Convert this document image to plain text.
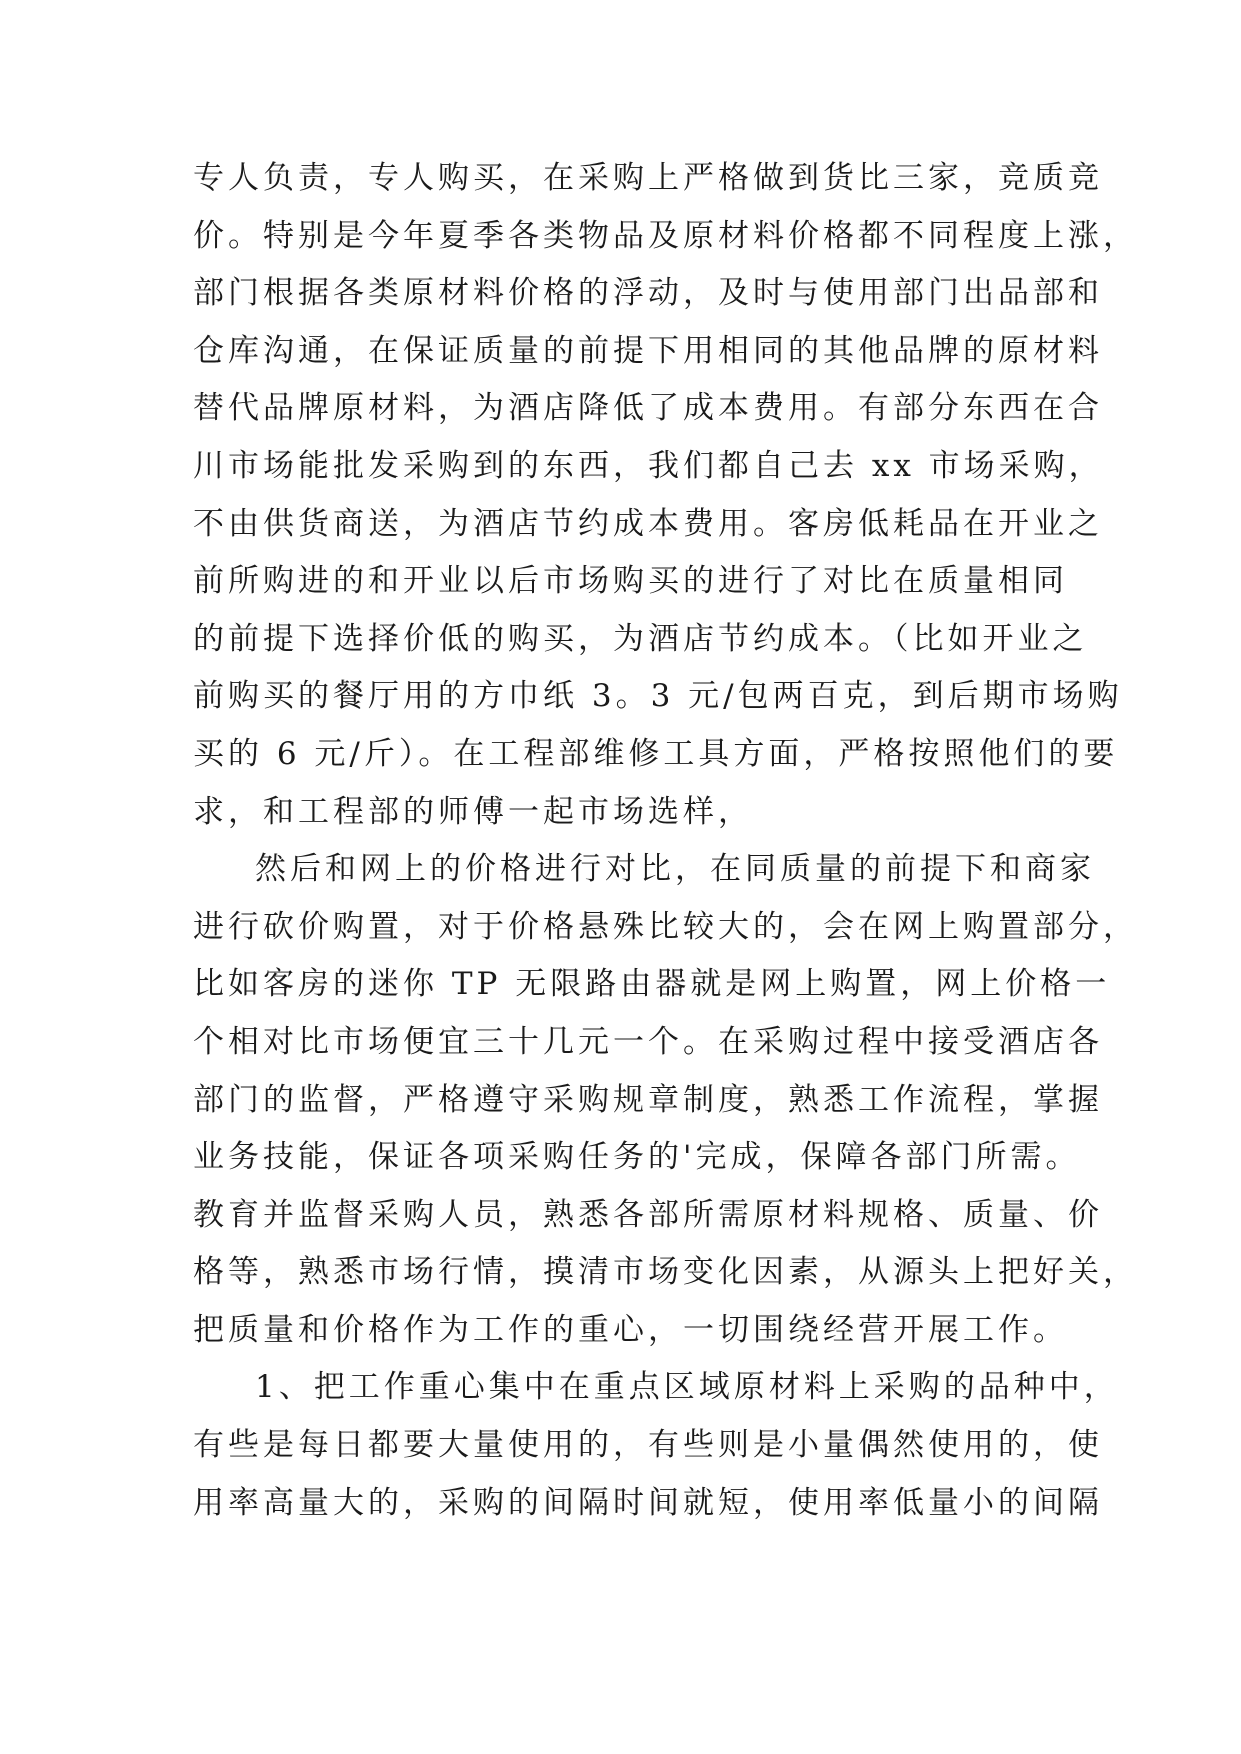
专人负责，专人购买，在采购上严格做到货比三家，竞质竞
价。特别是今年夏季各类物品及原材料价格都不同程度上涨，
部门根据各类原材料价格的浮动，及时与使用部门出品部和
仓库沟通，在保证质量的前提下用相同的其他品牌的原材料
替代品牌原材料，为酒店降低了成本费用。有部分东西在合
川市场能批发采购到的东西，我们都自己去 xx 市场采购，
不由供货商送，为酒店节约成本费用。客房低耗品在开业之
前所购进的和开业以后市场购买的进行了对比在质量相同
的前提下选择价低的购买，为酒店节约成本。（比如开业之
前购买的餐厅用的方巾纸 3。3 元/包两百克，到后期市场购
买的 6 元/斤）。在工程部维修工具方面，严格按照他们的要
求，和工程部的师傅一起市场选样，
然后和网上的价格进行对比，在同质量的前提下和商家
进行砍价购置，对于价格悬殊比较大的，会在网上购置部分，
比如客房的迷你 TP 无限路由器就是网上购置，网上价格一
个相对比市场便宜三十几元一个。在采购过程中接受酒店各
部门的监督，严格遵守采购规章制度，熟悉工作流程，掌握
业务技能，保证各项采购任务的'完成，保障各部门所需。
教育并监督采购人员，熟悉各部所需原材料规格、质量、价
格等，熟悉市场行情，摸清市场变化因素，从源头上把好关，
把质量和价格作为工作的重心，一切围绕经营开展工作。
1、把工作重心集中在重点区域原材料上采购的品种中，
有些是每日都要大量使用的，有些则是小量偶然使用的，使
用率高量大的，采购的间隔时间就短，使用率低量小的间隔
